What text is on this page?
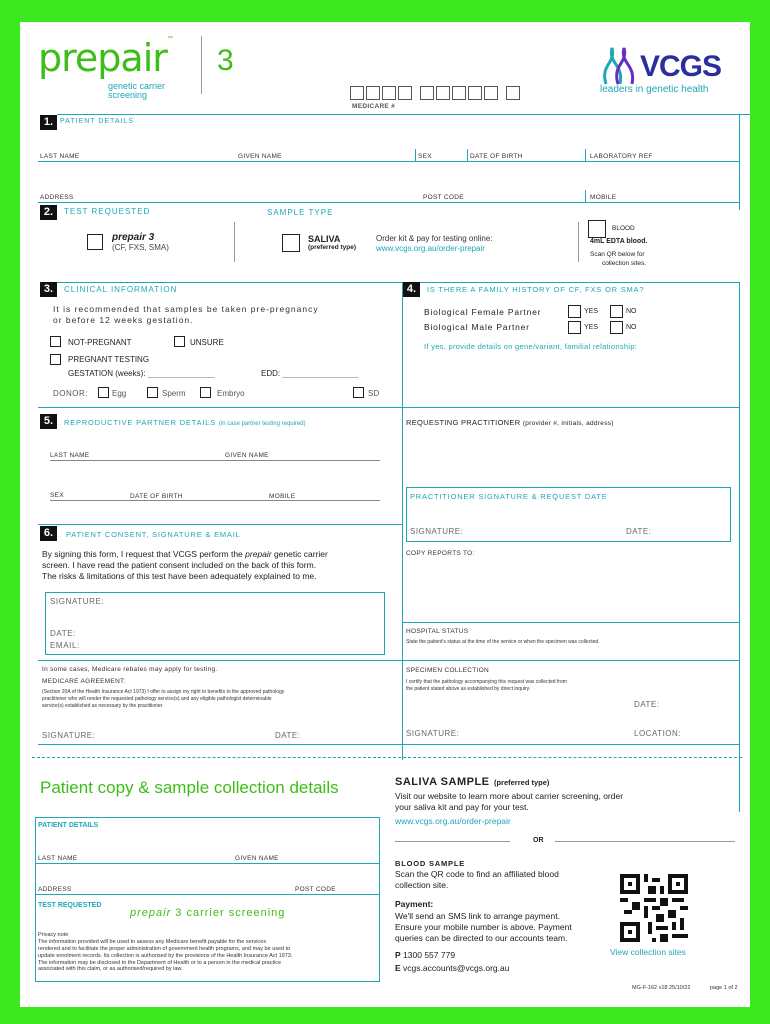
prepair™
genetic carrier
screening
3
MEDICARE #
VCGS
leaders in genetic health
1. PATIENT DETAILS
LAST NAME	GIVEN NAME	SEX	DATE OF BIRTH	LABORATORY REF
ADDRESS	POST CODE	MOBILE
2.	TEST REQUESTED	SAMPLE TYPE
prepair 3
(CF, FXS, SMA)
SALIVA
(preferred type)
Order kit & pay for testing online:
www.vcgs.org.au/order-prepair
BLOOD
4mL EDTA blood.
Scan QR below for
collection sites.
3.	CLINICAL INFORMATION
It is recommended that samples be taken pre-pregnancy
or before 12 weeks gestation.
NOT-PREGNANT	UNSURE
PREGNANT TESTING
GESTATION (weeks): _______________	EDD: _________________
DONOR:	Egg	Sperm	Embryo	SD
4.	IS THERE A FAMILY HISTORY OF CF, FXS OR SMA?
Biological Female Partner	YES	NO
Biological Male Partner	YES	NO
If yes, provide details on gene/variant, familial relationship:
5.	REPRODUCTIVE PARTNER DETAILS (in case partner testing required)
LAST NAME	GIVEN NAME
SEX	DATE OF BIRTH	MOBILE
REQUESTING PRACTITIONER (provider #, initials, address)
PRACTITIONER SIGNATURE & REQUEST DATE
SIGNATURE:	DATE:
COPY REPORTS TO:
HOSPITAL STATUS
State the patient's status at the time of the service or when the specimen was collected.
SPECIMEN COLLECTION
I certify that the pathology accompanying this request was collected from
the patient stated above as established by direct inquiry.
DATE:
SIGNATURE:	LOCATION:
6.	PATIENT CONSENT, SIGNATURE & EMAIL
By signing this form, I request that VCGS perform the prepair genetic carrier
screen. I have read the patient consent included on the back of this form.
The risks & limitations of this test have been adequately explained to me.
SIGNATURE:
DATE:
EMAIL:
In some cases, Medicare rebates may apply for testing.
MEDICARE AGREEMENT:
(Section 20A of the Health Insurance Act 1973) I offer to assign my right to benefits to the approved pathology
practitioner who will render the requested pathology service(s) and any eligible pathologist determinable
service(s) established as necessary by the practitioner.
SIGNATURE:	DATE:
Patient copy & sample collection details
PATIENT DETAILS
LAST NAME	GIVEN NAME
ADDRESS	POST CODE
TEST REQUESTED
prepair 3 carrier screening
Privacy note
The information provided will be used to assess any Medicare benefit payable for the services
rendered and to facilitate the proper administration of government health programs, and may be used to
update enrolment records. Its collection is authorised by the provisions of the Health Insurance Act 1973.
The information may be disclosed to the Department of Health or to a person in the medical practice
associated with this claim, or as authorised/required by law.
SALIVA SAMPLE (preferred type)
Visit our website to learn more about carrier screening, order
your saliva kit and pay for your test.
www.vcgs.org.au/order-prepair
OR
BLOOD SAMPLE
Scan the QR code to find an affiliated blood
collection site.
Payment:
We'll send an SMS link to arrange payment.
Ensure your mobile number is above. Payment
queries can be directed to our accounts team.
P 1300 557 779
E vcgs.accounts@vcgs.org.au
View collection sites
MG-F-162 v18 25/10/22	page 1 of 2
